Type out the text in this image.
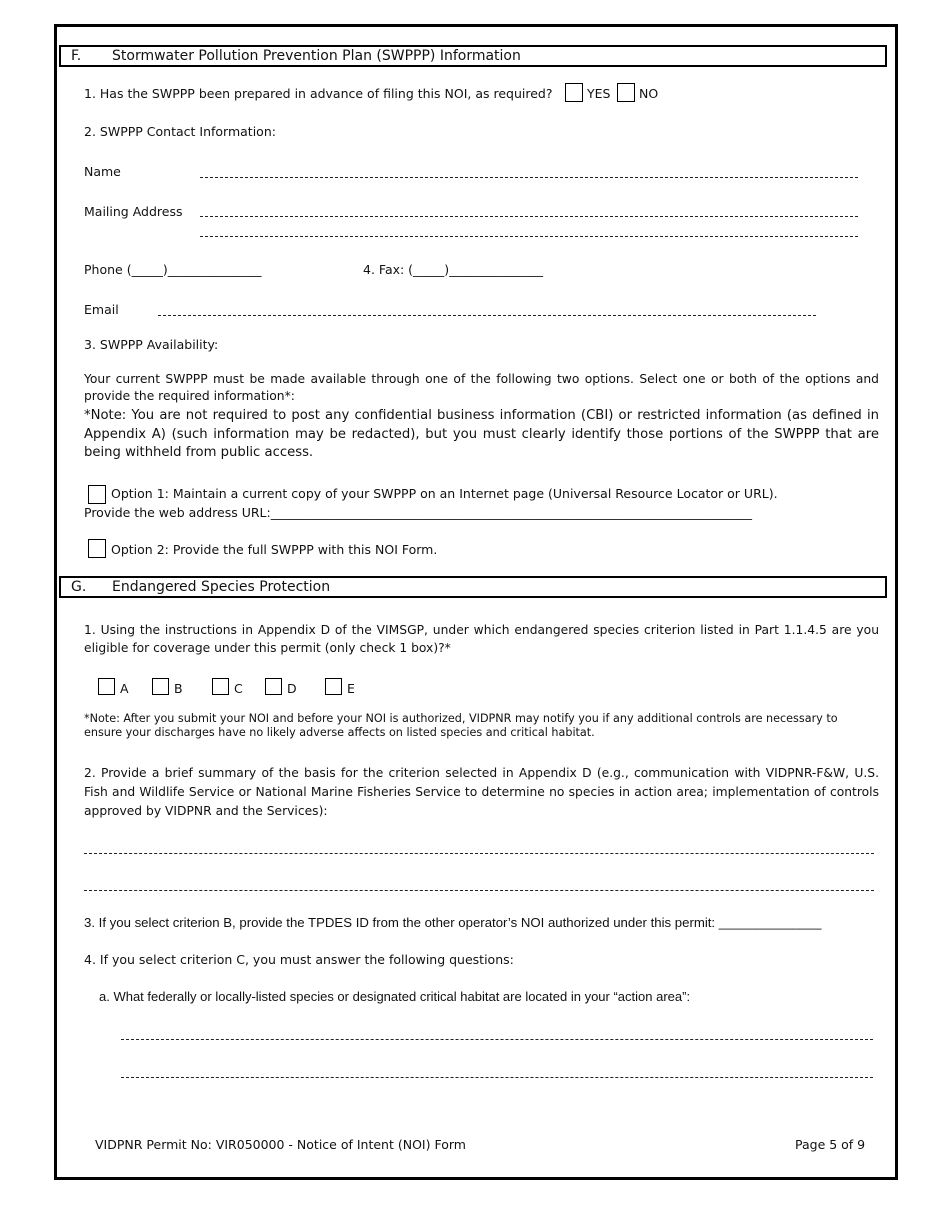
F. Stormwater Pollution Prevention Plan (SWPPP) Information
1. Has the SWPPP been prepared in advance of filing this NOI, as required?	YES NO
2. SWPPP Contact Information:
Name
Mailing Address
Phone (_____)_______________	4. Fax: (_____)_______________
Email
3. SWPPP Availability:
Your current SWPPP must be made available through one of the following two options. Select one or both of the options and provide the required information*:
*Note: You are not required to post any confidential business information (CBI) or restricted information (as defined in Appendix A) (such information may be redacted), but you must clearly identify those portions of the SWPPP that are being withheld from public access.
Option 1: Maintain a current copy of your SWPPP on an Internet page (Universal Resource Locator or URL).
Provide the web address URL:_____________________________________________________________________________
Option 2: Provide the full SWPPP with this NOI Form.
G. Endangered Species Protection
1. Using the instructions in Appendix D of the VIMSGP, under which endangered species criterion listed in Part 1.1.4.5 are you eligible for coverage under this permit (only check 1 box)?*
A	B	C	D	E
*Note: After you submit your NOI and before your NOI is authorized, VIDPNR may notify you if any additional controls are necessary to ensure your discharges have no likely adverse affects on listed species and critical habitat.
2. Provide a brief summary of the basis for the criterion selected in Appendix D (e.g., communication with VIDPNR-F&W, U.S. Fish and Wildlife Service or National Marine Fisheries Service to determine no species in action area; implementation of controls approved by VIDPNR and the Services):
3. If you select criterion B, provide the TPDES ID from the other operator’s NOI authorized under this permit: ______________
4. If you select criterion C, you must answer the following questions:
a. What federally or locally-listed species or designated critical habitat are located in your “action area”:
VIDPNR Permit No: VIR050000 - Notice of Intent (NOI) Form	Page 5 of 9
